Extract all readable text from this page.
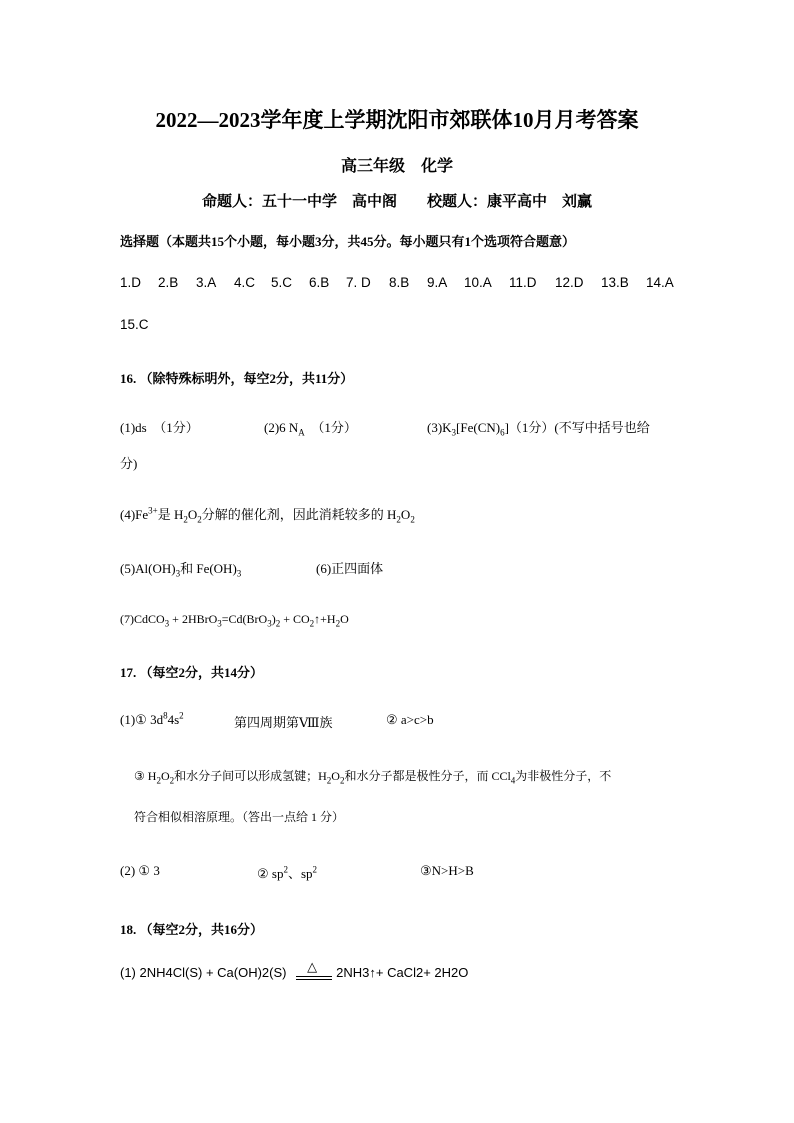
2022—2023学年度上学期沈阳市郊联体10月月考答案
高三年级　化学
命题人：五十一中学　高中阁　　校题人：康平高中　刘赢
选择题（本题共15个小题，每小题3分，共45分。每小题只有1个选项符合题意）
1.D 2.B 3.A 4.C 5.C 6.B 7. D 8.B 9.A 10.A 11.D 12.D 13.B 14.A
15.C
16. （除特殊标明外，每空2分，共11分）
(1)ds　（1分）	(2)6 $N_A$　 （1分）	$(3)K_3[Fe(CN)_6](1$分）(不写中括号也给
分)
$(4)Fe^{3+}$是 $H_2O_2$分解的催化剂，因此消耗较多的 $H_2O_2$
$(5)Al(OH)_3$和 $Fe(OH)_3$	(6)正四面体
(7)CdCO$_3$ + $2HBrO_3=Cd(BrO_3)_2$ + $CO_2↑+H_2O$
17. （每空2分，共14分）
(1)① $3d^84s^2$	第四周期第Ⅷ族	② a>c>b
③ $H_2O_2$和水分子间可以形成氢键；$H_2O_2$和水分子都是极性分子，而 CCl$_4$为非极性分子，不
符合相似相溶原理。（答出一点给 1 分）
(2) ① 3	② $sp^2$、$sp^2$	③N>H>B
18. （每空2分，共16分）
(1) 2NH4Cl(S) + Ca(OH)2(S) △ 2NH3↑+ CaCl2+ 2H2O
